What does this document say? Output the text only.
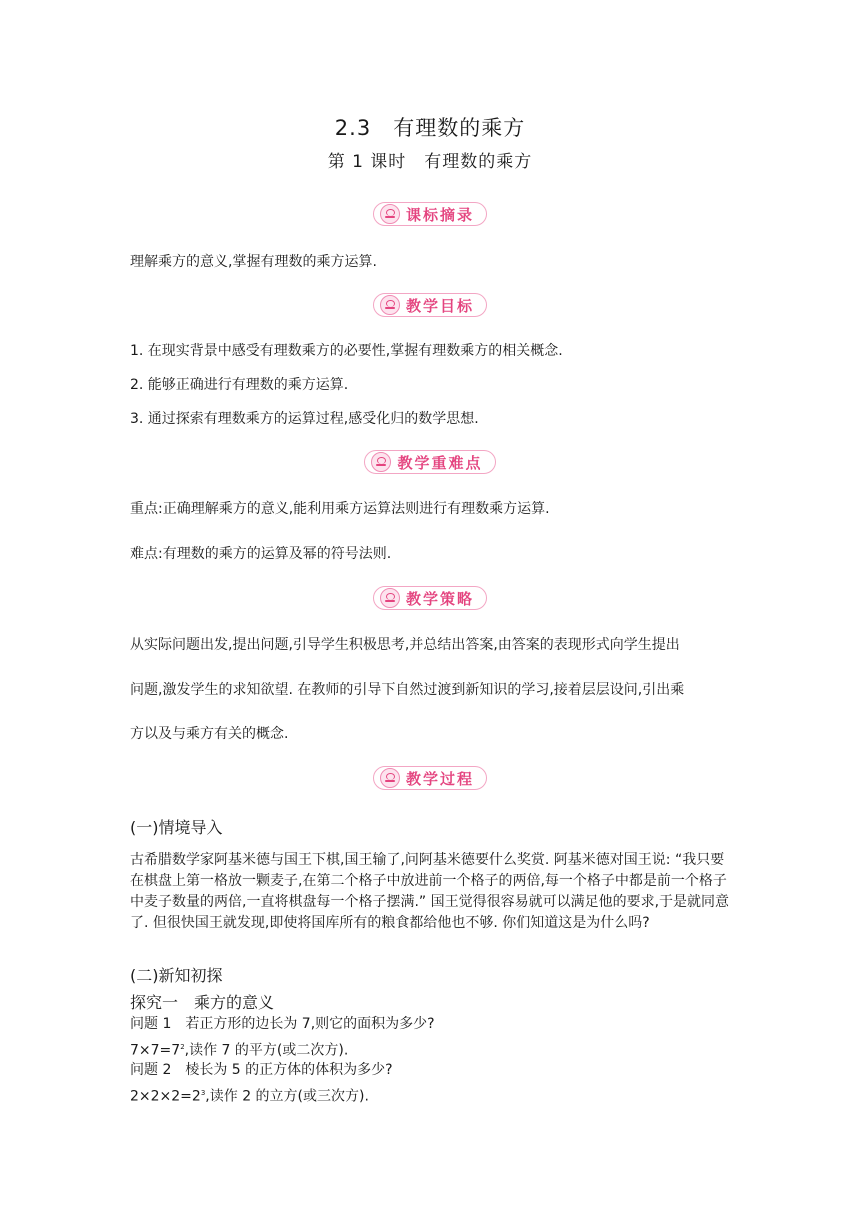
2.3　有理数的乘方
第 1 课时　有理数的乘方
课标摘录
理解乘方的意义,掌握有理数的乘方运算.
教学目标
1. 在现实背景中感受有理数乘方的必要性,掌握有理数乘方的相关概念.
2. 能够正确进行有理数的乘方运算.
3. 通过探索有理数乘方的运算过程,感受化归的数学思想.
教学重难点
重点:正确理解乘方的意义,能利用乘方运算法则进行有理数乘方运算.
难点:有理数的乘方的运算及幂的符号法则.
教学策略
从实际问题出发,提出问题,引导学生积极思考,并总结出答案,由答案的表现形式向学生提出
问题,激发学生的求知欲望. 在教师的引导下自然过渡到新知识的学习,接着层层设问,引出乘
方以及与乘方有关的概念.
教学过程
(一)情境导入
古希腊数学家阿基米德与国王下棋,国王输了,问阿基米德要什么奖赏. 阿基米德对国王说: “我只要在棋盘上第一格放一颗麦子,在第二个格子中放进前一个格子的两倍,每一个格子中都是前一个格子中麦子数量的两倍,一直将棋盘每一个格子摆满.” 国王觉得很容易就可以满足他的要求,于是就同意了. 但很快国王就发现,即使将国库所有的粮食都给他也不够. 你们知道这是为什么吗?
(二)新知初探
探究一　乘方的意义
问题 1　若正方形的边长为 7,则它的面积为多少?
$7\times 7=7^2$,读作 7 的平方(或二次方).
问题 2　棱长为 5 的正方体的体积为多少?
$2\times 2\times 2=2^3$,读作 2 的立方(或三次方).
